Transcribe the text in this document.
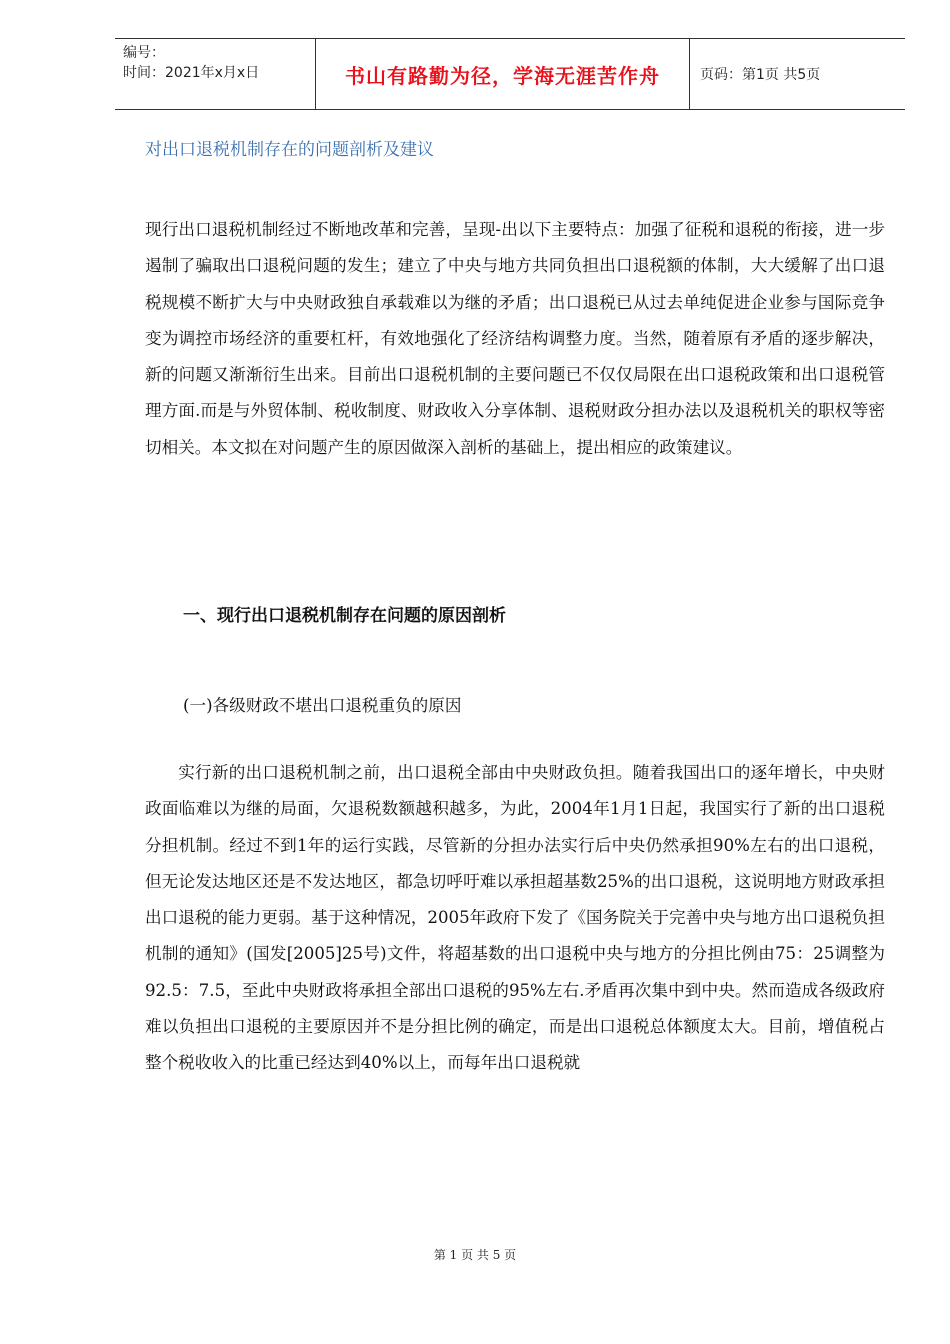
编号：
时间：2021年x月x日	书山有路勤为径，学海无涯苦作舟	页码：第1页 共5页
对出口退税机制存在的问题剖析及建议

现行出口退税机制经过不断地改革和完善，呈现-出以下主要特点：加强了征税和退税的衔接，进一步遏制了骗取出口退税问题的发生；建立了中央与地方共同负担出口退税额的体制，大大缓解了出口退税规模不断扩大与中央财政独自承载难以为继的矛盾；出口退税已从过去单纯促进企业参与国际竞争变为调控市场经济的重要杠杆，有效地强化了经济结构调整力度。当然，随着原有矛盾的逐步解决，新的问题又渐渐衍生出来。目前出口退税机制的主要问题已不仅仅局限在出口退税政策和出口退税管理方面.而是与外贸体制、税收制度、财政收入分享体制、退税财政分担办法以及退税机关的职权等密切相关。本文拟在对问题产生的原因做深入剖析的基础上，提出相应的政策建议。

一、现行出口退税机制存在问题的原因剖析
(一)各级财政不堪出口退税重负的原因

实行新的出口退税机制之前，出口退税全部由中央财政负担。随着我国出口的逐年增长，中央财政面临难以为继的局面，欠退税数额越积越多，为此，2004年1月1日起，我国实行了新的出口退税分担机制。经过不到1年的运行实践，尽管新的分担办法实行后中央仍然承担90%左右的出口退税，但无论发达地区还是不发达地区，都急切呼吁难以承担超基数25%的出口退税，这说明地方财政承担出口退税的能力更弱。基于这种情况，2005年政府下发了《国务院关于完善中央与地方出口退税负担机制的通知》(国发[2005]25号)文件，将超基数的出口退税中央与地方的分担比例由75：25调整为92.5：7.5，至此中央财政将承担全部出口退税的95%左右.矛盾再次集中到中央。然而造成各级政府难以负担出口退税的主要原因并不是分担比例的确定，而是出口退税总体额度太大。目前，增值税占整个税收收入的比重已经达到40%以上，而每年出口退税就

第 1 页 共 5 页
